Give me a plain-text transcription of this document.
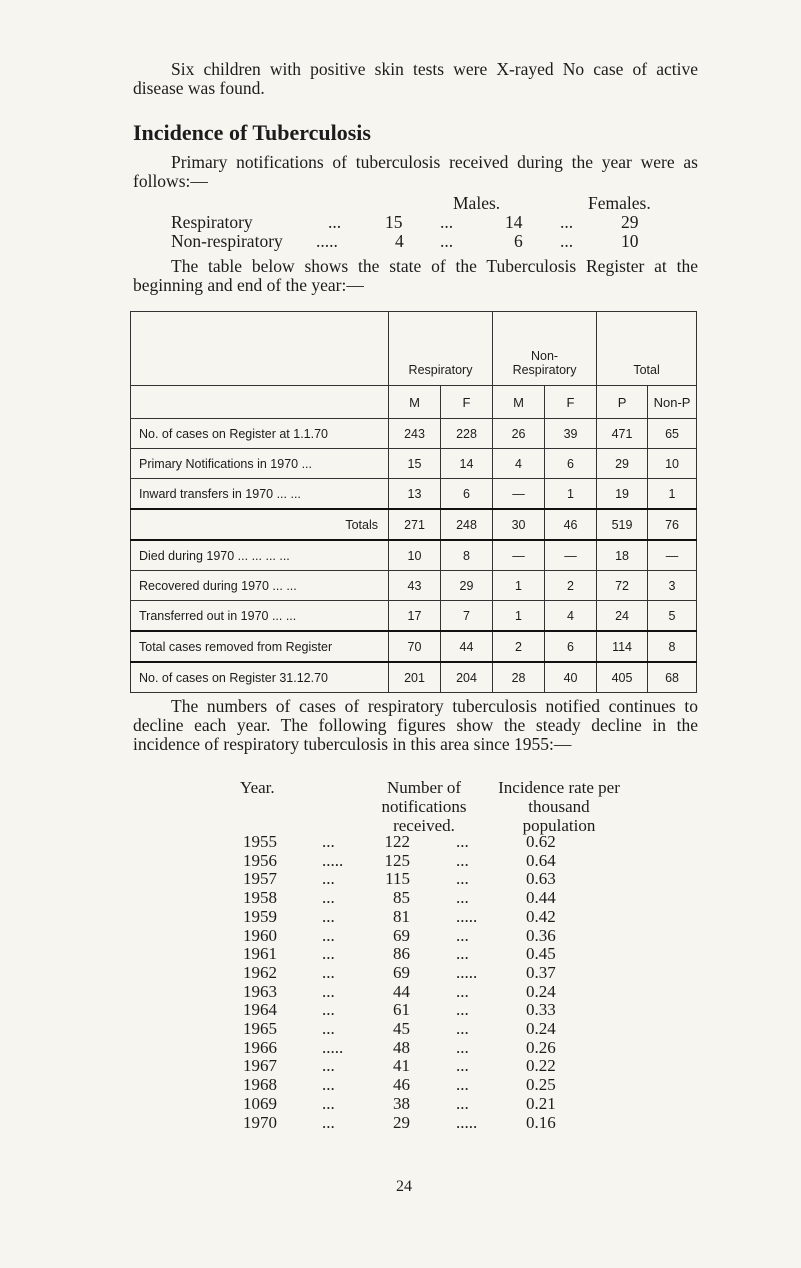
Six children with positive skin tests were X-rayed No case of active disease was found.
Incidence of Tuberculosis
Primary notifications of tuberculosis received during the year were as follows:—
Males.	Females.
Respiratory	...	15 ...	14 ...	29
Non-respiratory .....	4 ...	6 ...	10
The table below shows the state of the Tuberculosis Register at the beginning and end of the year:—
	Respiratory		Non-Respiratory		Total	
	M	F	M	F	P	Non-P
No. of cases on Register at 1.1.70	243	228	26	39	471	65
Primary Notifications in 1970 ...	15	14	4	6	29	10
Inward transfers in 1970 ... ...	13	6	—	1	19	1
Totals	271	248	30	46	519	76
Died during 1970 ... ... ... ...	10	8	—	—	18	—
Recovered during 1970 ... ...	43	29	1	2	72	3
Transferred out in 1970 ... ...	17	7	1	4	24	5
Total cases removed from Register	70	44	2	6	114	8
No. of cases on Register 31.12.70	201	204	28	40	405	68
The numbers of cases of respiratory tuberculosis notified continues to decline each year. The following figures show the steady decline in the incidence of respiratory tuberculosis in this area since 1955:—
Year.	Number of notifications received.
Incidence rate per thousand population
1955	...	122	...	0.62
1956	.....	125	...	0.64
1957	...	115	...	0.63
1958	...	85	...	0.44
1959	...	81	.....	0.42
1960	...	69	...	0.36
1961	...	86	...	0.45
1962	...	69	.....	0.37
1963	...	44	...	0.24
1964	...	61	...	0.33
1965	...	45	...	0.24
1966	.....	48	...	0.26
1967	...	41	...	0.22
1968	...	46	...	0.25
1069	...	38	...	0.21
1970	...	29	.....	0.16
24
